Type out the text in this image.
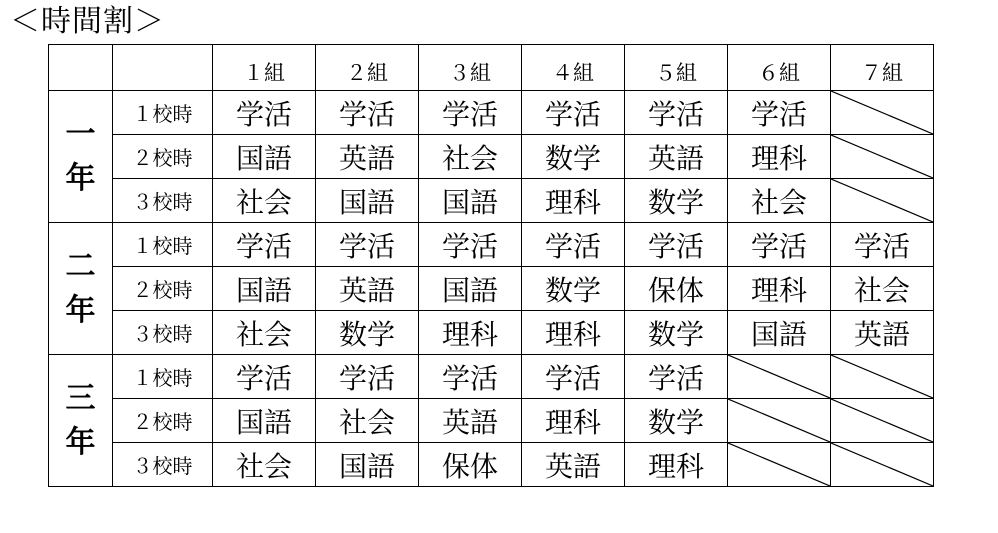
＜時間割＞
		１組	２組	３組	４組	５組	６組	７組

一
年	１校時	学活	学活	学活	学活	学活	学活	

	２校時	国語	英語	社会	数学	英語	理科	

	３校時	社会	国語	国語	理科	数学	社会	

二
年	１校時	学活	学活	学活	学活	学活	学活	学活
	２校時	国語	英語	国語	数学	保体	理科	社会
	３校時	社会	数学	理科	理科	数学	国語	英語

三
年	１校時	学活	学活	学活	学活	学活	

	２校時	国語	社会	英語	理科	数学	

	３校時	社会	国語	保体	英語	理科	
